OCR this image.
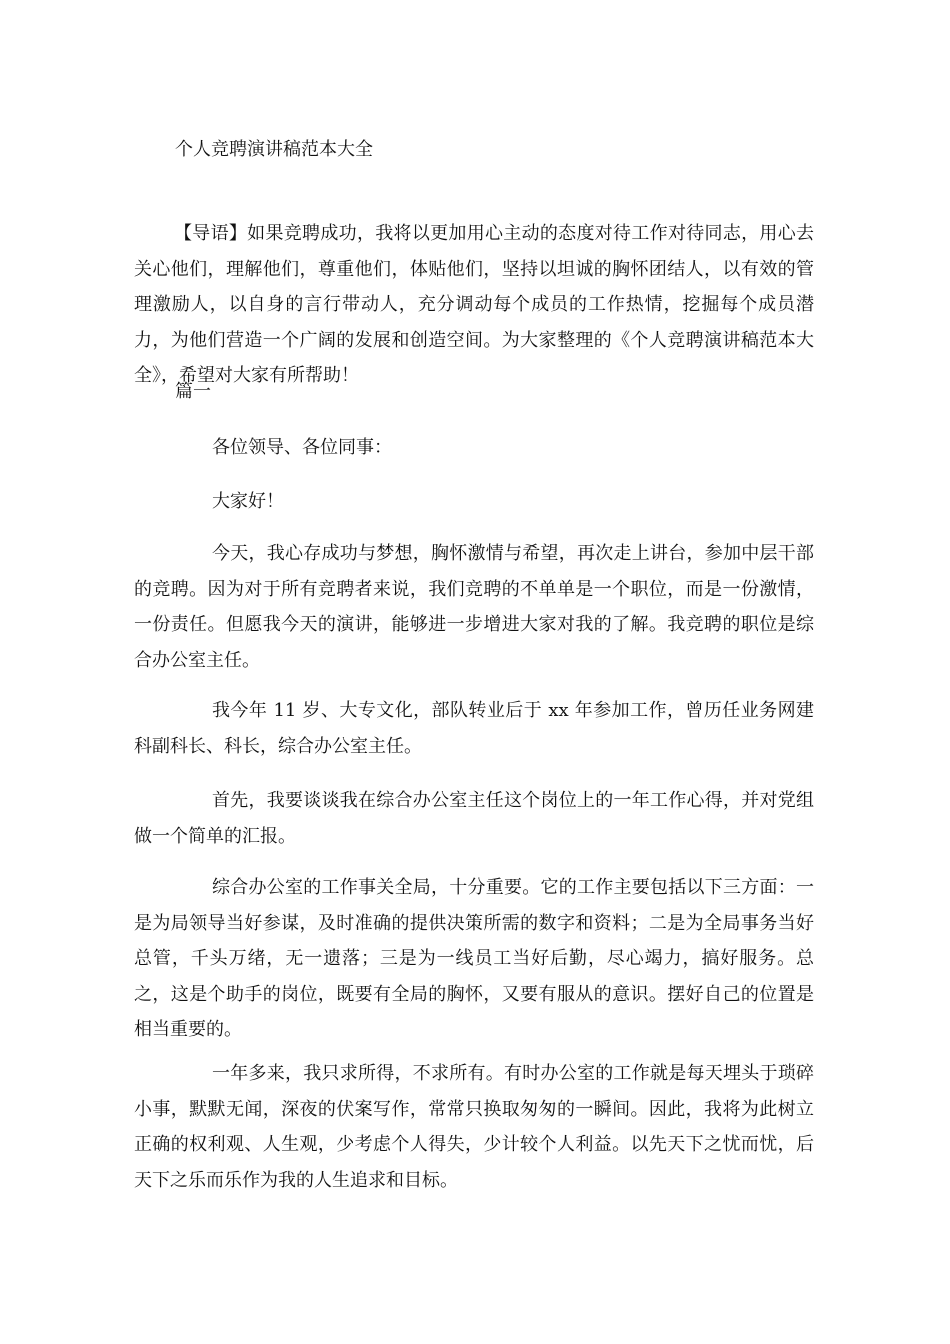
个人竞聘演讲稿范本大全

【导语】如果竞聘成功，我将以更加用心主动的态度对待工作对待同志，用心去关心他们，理解他们，尊重他们，体贴他们，坚持以坦诚的胸怀团结人，以有效的管理激励人，以自身的言行带动人，充分调动每个成员的工作热情，挖掘每个成员潜力，为他们营造一个广阔的发展和创造空间。为大家整理的《个人竞聘演讲稿范本大全》，希望对大家有所帮助！

篇一
各位领导、各位同事：
大家好！

今天，我心存成功与梦想，胸怀激情与希望，再次走上讲台，参加中层干部的竞聘。因为对于所有竞聘者来说，我们竞聘的不单单是一个职位，而是一份激情，一份责任。但愿我今天的演讲，能够进一步增进大家对我的了解。我竞聘的职位是综合办公室主任。

我今年 11 岁、大专文化，部队转业后于 xx 年参加工作，曾历任业务网建科副科长、科长，综合办公室主任。

首先，我要谈谈我在综合办公室主任这个岗位上的一年工作心得，并对党组做一个简单的汇报。

综合办公室的工作事关全局，十分重要。它的工作主要包括以下三方面：一是为局领导当好参谋，及时准确的提供决策所需的数字和资料；二是为全局事务当好总管，千头万绪，无一遗落；三是为一线员工当好后勤，尽心竭力，搞好服务。总之，这是个助手的岗位，既要有全局的胸怀，又要有服从的意识。摆好自己的位置是相当重要的。

一年多来，我只求所得，不求所有。有时办公室的工作就是每天埋头于琐碎小事，默默无闻，深夜的伏案写作，常常只换取匆匆的一瞬间。因此，我将为此树立正确的权利观、人生观，少考虑个人得失，少计较个人利益。以先天下之忧而忧，后天下之乐而乐作为我的人生追求和目标。
